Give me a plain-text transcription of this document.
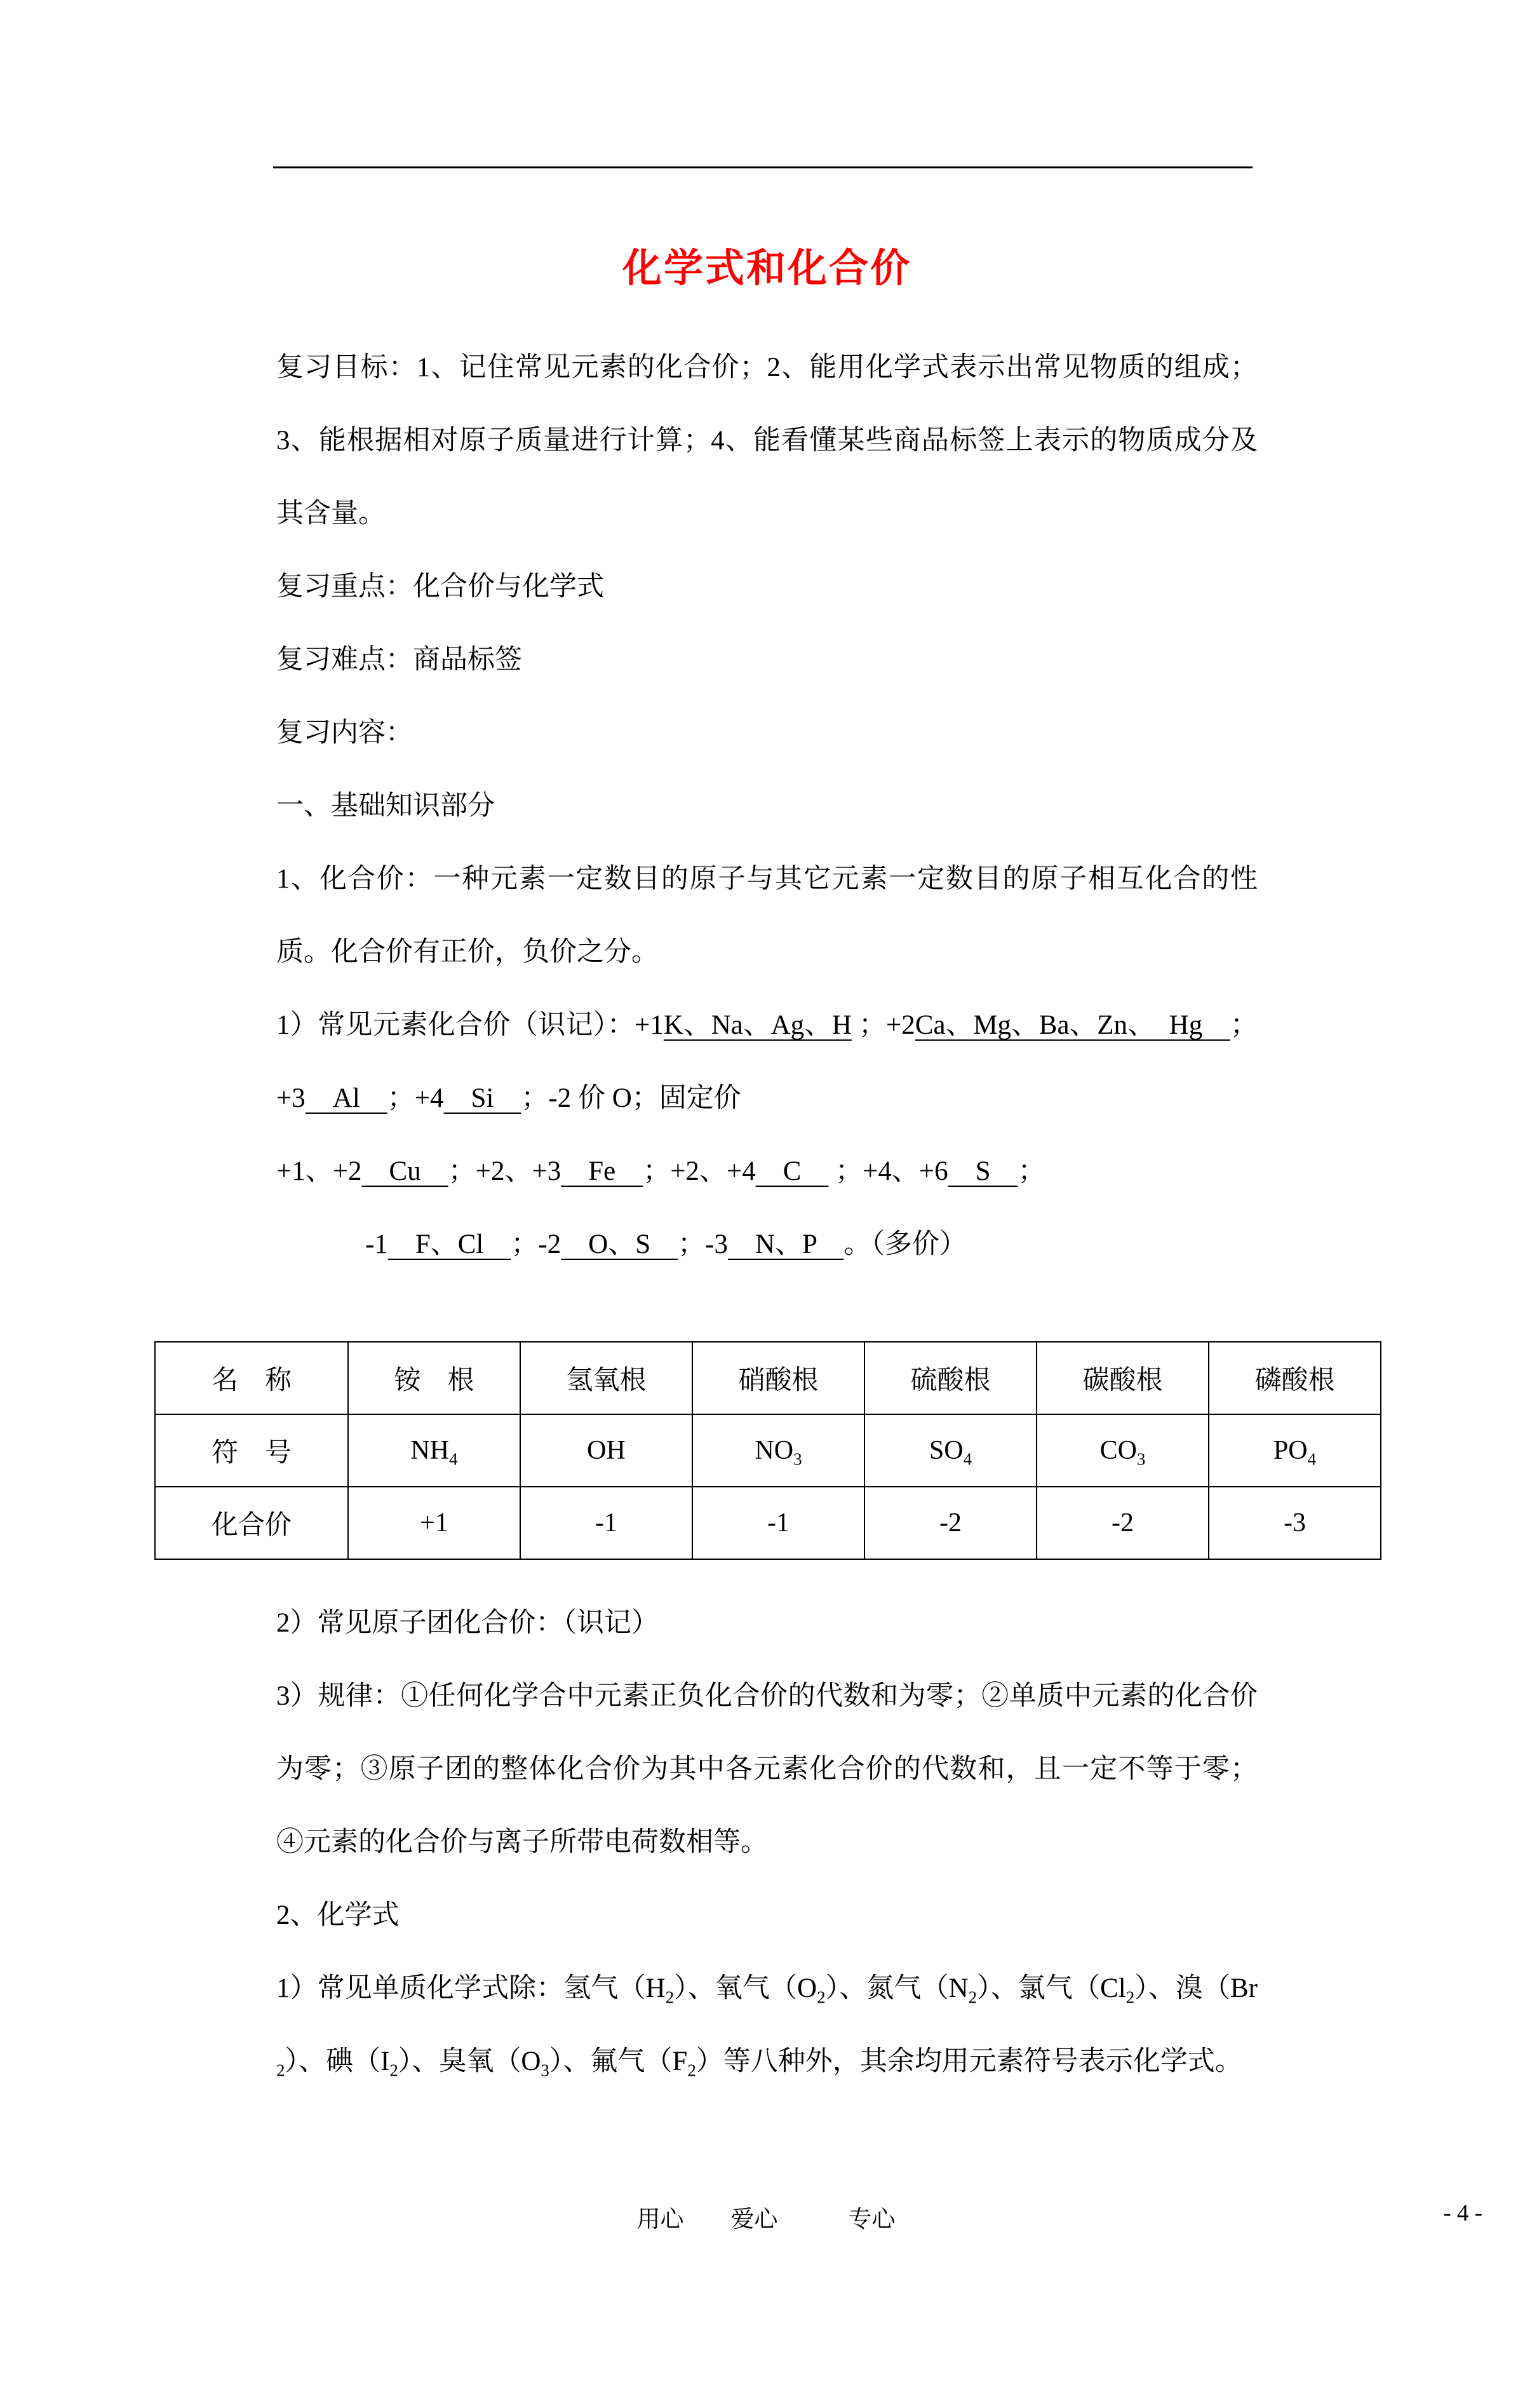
化学式和化合价

复习目标：1、记住常见元素的化合价；2、能用化学式表示出常见物质的组成；3、能根据相对原子质量进行计算；4、能看懂某些商品标签上表示的物质成分及其含量。

复习重点：化合价与化学式

复习难点：商品标签

复习内容：

一、基础知识部分

1、化合价：一种元素一定数目的原子与其它元素一定数目的原子相互化合的性质。化合价有正价，负价之分。

1）常见元素化合价（识记）：+1K、Na、Ag、H ；+2Ca、Mg、Ba、Zn、　Hg　；+3　Al　；+4　Si　；-2 价 O；固定价

+1、+2　Cu　；+2、+3　Fe　；+2、+4　C　 ；+4、+6　S　；

-1　F、Cl　；-2　O、S　；-3　N、P　。（多价）

名　称	铵　根	氢氧根	硝酸根	硫酸根	碳酸根	磷酸根
符　号	$NH_4$	OH	$NO_3$	$SO_4$	$CO_3$	$PO_4$
化合价	+1	-1	-1	-2	-2	-3

2）常见原子团化合价：（识记）

3）规律：①任何化学合中元素正负化合价的代数和为零；②单质中元素的化合价为零；③原子团的整体化合价为其中各元素化合价的代数和，且一定不等于零；④元素的化合价与离子所带电荷数相等。

2、化学式

1）常见单质化学式除：氢气$(H_2)$、氧气$(O_2)$、氮气$(N_2)$、氯气$(Cl_2)$、溴$(Br_2)$、碘$(I_2)$、臭氧$(O_3)$、氟气$(F_2)$等八种外，其余均用元素符号表示化学式。

用心　　爱心　　　专心	- 4 -
